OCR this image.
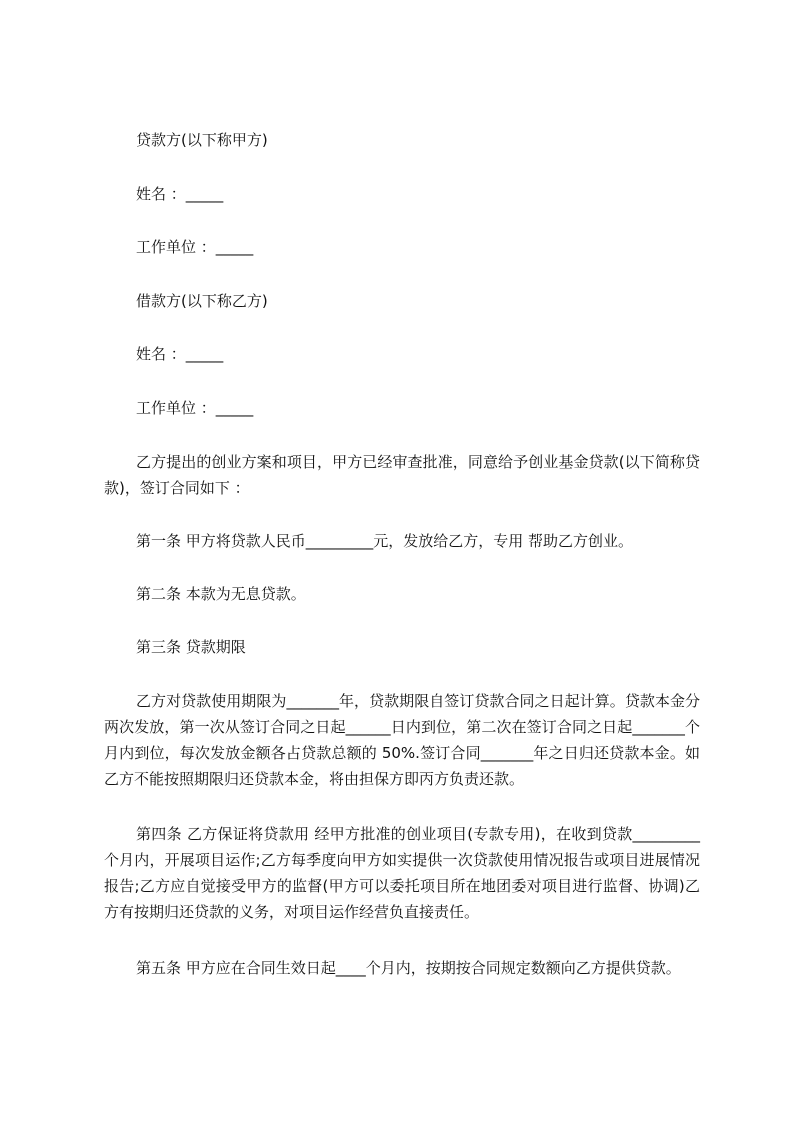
贷款方(以下称甲方)

姓名 ：_____

工作单位 ：_____

借款方(以下称乙方)

姓名 ：_____

工作单位 ：_____

乙方提出的创业方案和项目，甲方已经审查批准，同意给予创业基金贷款(以下简称贷款)，签订合同如下 ：

第一条 甲方将贷款人民币_________元，发放给乙方，专用 帮助乙方创业。

第二条 本款为无息贷款。

第三条 贷款期限

乙方对贷款使用期限为_______年，贷款期限自签订贷款合同之日起计算。贷款本金分两次发放，第一次从签订合同之日起______日内到位，第二次在签订合同之日起_______个月内到位，每次发放金额各占贷款总额的 50%.签订合同_______年之日归还贷款本金。如乙方不能按照期限归还贷款本金，将由担保方即丙方负责还款。

第四条 乙方保证将贷款用 经甲方批准的创业项目(专款专用)，在收到贷款_________个月内，开展项目运作;乙方每季度向甲方如实提供一次贷款使用情况报告或项目进展情况报告;乙方应自觉接受甲方的监督(甲方可以委托项目所在地团委对项目进行监督、协调)乙方有按期归还贷款的义务，对项目运作经营负直接责任。

第五条 甲方应在合同生效日起____个月内，按期按合同规定数额向乙方提供贷款。
